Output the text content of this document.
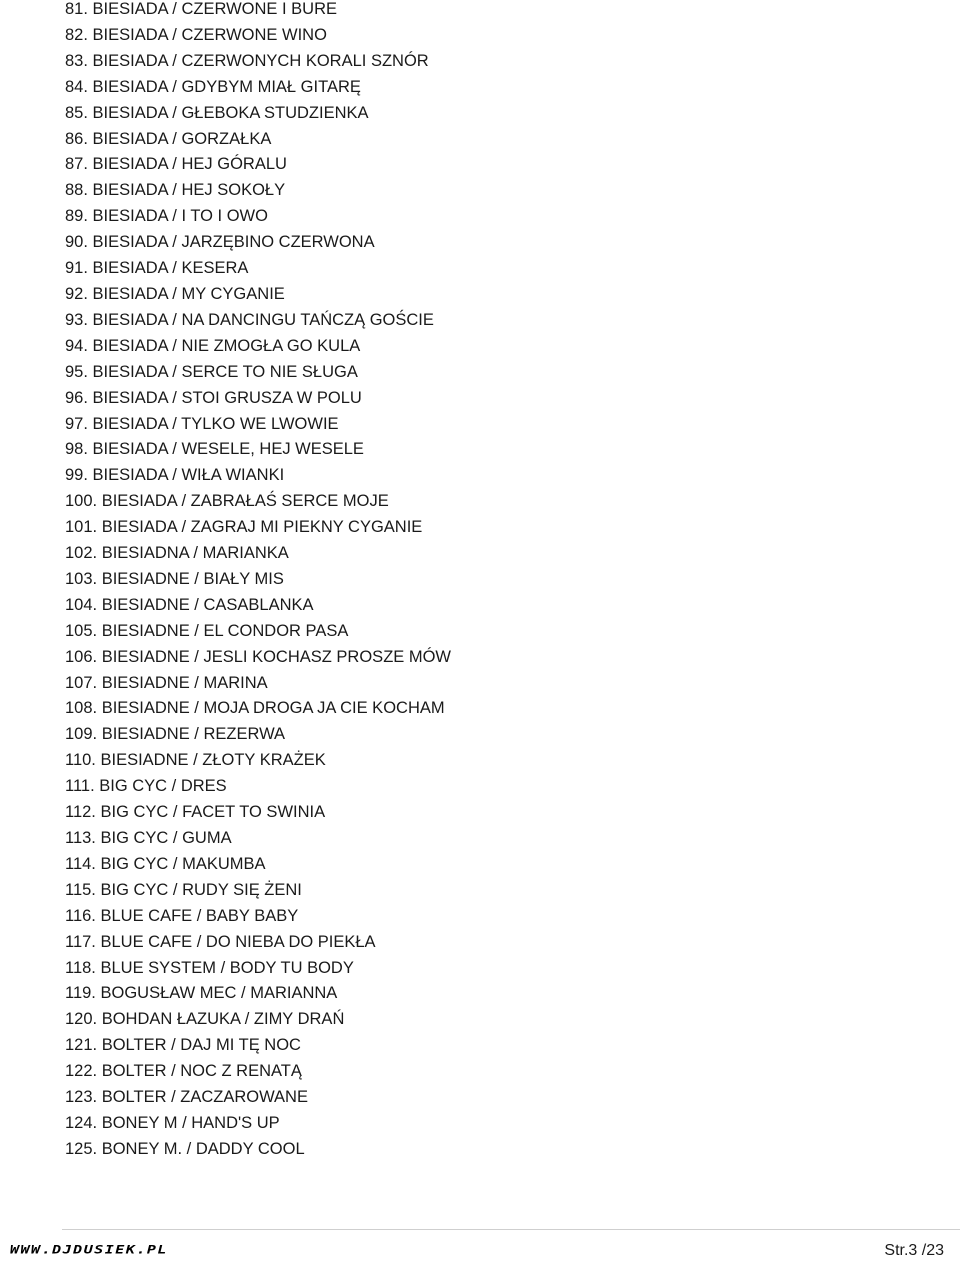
81. BIESIADA / CZERWONE I BURE
82. BIESIADA / CZERWONE WINO
83. BIESIADA / CZERWONYCH KORALI SZNÓR
84. BIESIADA / GDYBYM MIAŁ GITARĘ
85. BIESIADA / GŁEBOKA STUDZIENKA
86. BIESIADA / GORZAŁKA
87. BIESIADA / HEJ GÓRALU
88. BIESIADA / HEJ SOKOŁY
89. BIESIADA / I TO I OWO
90. BIESIADA / JARZĘBINO CZERWONA
91. BIESIADA / KESERA
92. BIESIADA / MY CYGANIE
93. BIESIADA / NA DANCINGU TAŃCZĄ GOŚCIE
94. BIESIADA / NIE ZMOGŁA GO KULA
95. BIESIADA / SERCE TO NIE SŁUGA
96. BIESIADA / STOI GRUSZA W POLU
97. BIESIADA / TYLKO WE LWOWIE
98. BIESIADA / WESELE, HEJ WESELE
99. BIESIADA / WIŁA WIANKI
100. BIESIADA / ZABRAŁAŚ SERCE MOJE
101. BIESIADA / ZAGRAJ MI PIEKNY CYGANIE
102. BIESIADNA / MARIANKA
103. BIESIADNE / BIAŁY MIS
104. BIESIADNE / CASABLANKA
105. BIESIADNE / EL CONDOR PASA
106. BIESIADNE / JESLI KOCHASZ PROSZE MÓW
107. BIESIADNE / MARINA
108. BIESIADNE / MOJA DROGA JA CIE KOCHAM
109. BIESIADNE / REZERWA
110. BIESIADNE / ZŁOTY KRAŻEK
111. BIG CYC / DRES
112. BIG CYC / FACET TO SWINIA
113. BIG CYC / GUMA
114. BIG CYC / MAKUMBA
115. BIG CYC / RUDY SIĘ ŻENI
116. BLUE CAFE / BABY BABY
117. BLUE CAFE / DO NIEBA DO PIEKŁA
118. BLUE SYSTEM / BODY TU BODY
119. BOGUSŁAW MEC / MARIANNA
120. BOHDAN ŁAZUKA / ZIMY DRAŃ
121. BOLTER / DAJ MI TĘ NOC
122. BOLTER / NOC Z RENATĄ
123. BOLTER / ZACZAROWANE
124. BONEY M / HAND'S UP
125. BONEY M. / DADDY COOL
WWW.DJDUSIEK.PL	Str.3 /23
